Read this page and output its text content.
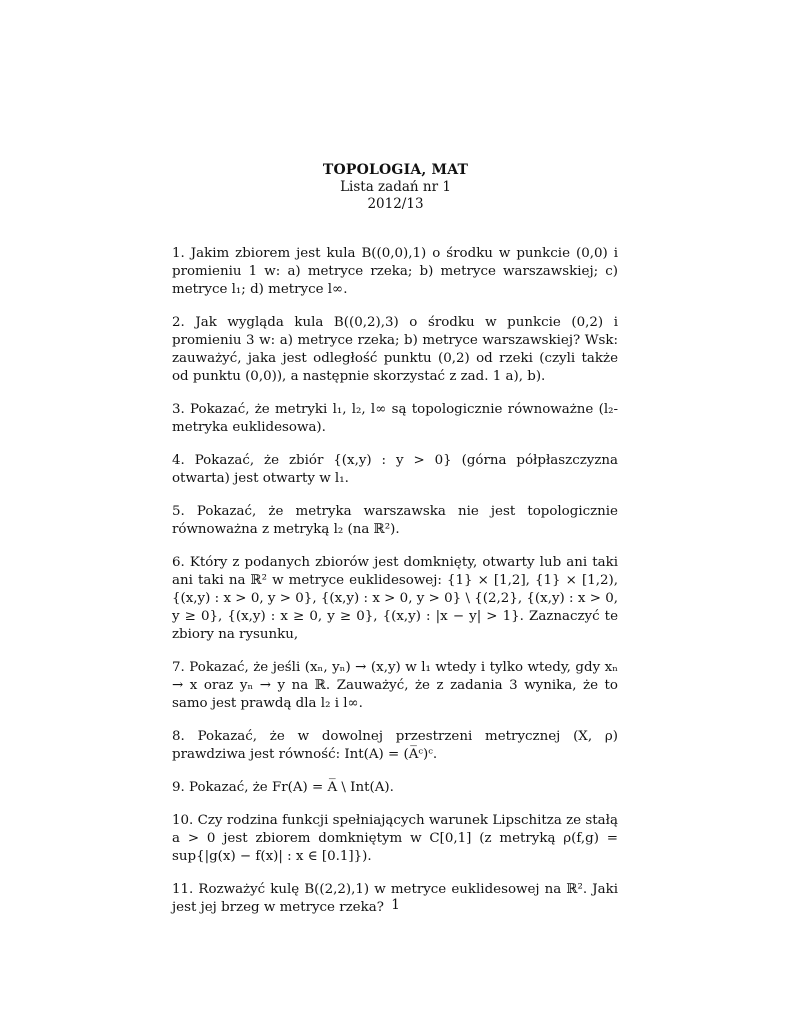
TOPOLOGIA, MAT
Lista zadań nr 1
2012/13

1. Jakim zbiorem jest kula B((0,0),1) o środku w punkcie (0,0) i promieniu 1 w: a) metryce rzeka; b) metryce warszawskiej; c) metryce l₁; d) metryce l∞.

2. Jak wygląda kula B((0,2),3) o środku w punkcie (0,2) i promieniu 3 w: a) metryce rzeka; b) metryce warszawskiej? Wsk: zauważyć, jaka jest odległość punktu (0,2) od rzeki (czyli także od punktu (0,0)), a następnie skorzystać z zad. 1 a), b).

3. Pokazać, że metryki l₁, l₂, l∞ są topologicznie równoważne (l₂- metryka euklidesowa).

4. Pokazać, że zbiór {(x,y) : y > 0} (górna półpłaszczyzna otwarta) jest otwarty w l₁.

5. Pokazać, że metryka warszawska nie jest topologicznie równoważna z metryką l₂ (na ℝ²).

6. Który z podanych zbiorów jest domknięty, otwarty lub ani taki ani taki na ℝ² w metryce euklidesowej: {1} × [1,2], {1} × [1,2), {(x,y) : x > 0, y > 0}, {(x,y) : x > 0, y > 0} \ {(2,2}, {(x,y) : x > 0, y ≥ 0}, {(x,y) : x ≥ 0, y ≥ 0}, {(x,y) : |x − y| > 1}. Zaznaczyć te zbiory na rysunku,

7. Pokazać, że jeśli (xₙ, yₙ) → (x,y) w l₁ wtedy i tylko wtedy, gdy xₙ → x oraz yₙ → y na ℝ. Zauważyć, że z zadania 3 wynika, że to samo jest prawdą dla l₂ i l∞.

8. Pokazać, że w dowolnej przestrzeni metrycznej (X, ρ) prawdziwa jest równość: Int(A) = (A̅ᶜ)ᶜ.

9. Pokazać, że Fr(A) = A̅ \ Int(A).

10. Czy rodzina funkcji spełniających warunek Lipschitza ze stałą a > 0 jest zbiorem domkniętym w C[0,1] (z metryką ρ(f,g) = sup{|g(x) − f(x)| : x ∈ [0.1]}).

11. Rozważyć kulę B((2,2),1) w metryce euklidesowej na ℝ². Jaki jest jej brzeg w metryce rzeka? 1
